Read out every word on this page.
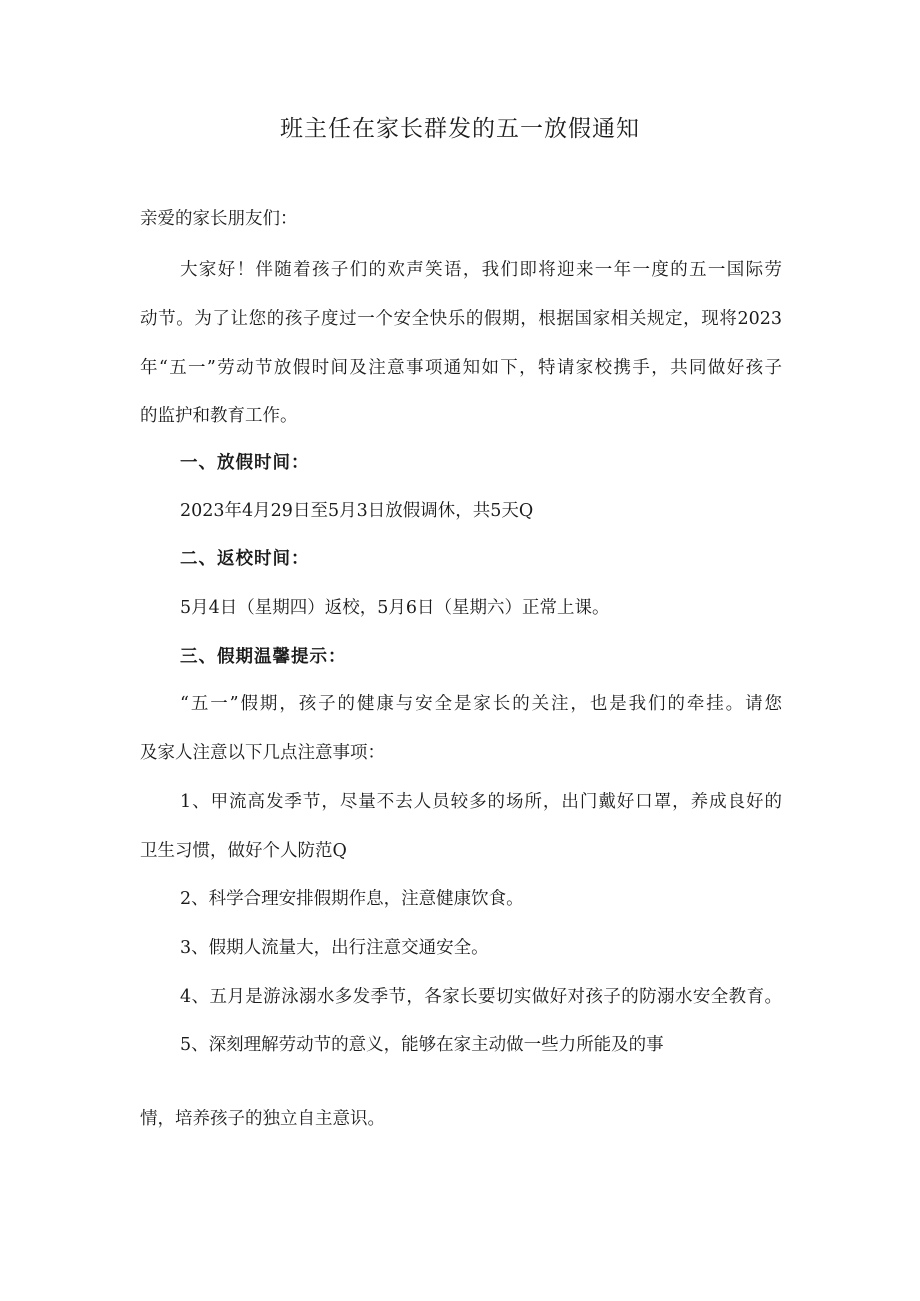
班主任在家长群发的五一放假通知
亲爱的家长朋友们：
大家好！伴随着孩子们的欢声笑语，我们即将迎来一年一度的五一国际劳
动节。为了让您的孩子度过一个安全快乐的假期，根据国家相关规定，现将2023
年“五一”劳动节放假时间及注意事项通知如下，特请家校携手，共同做好孩子
的监护和教育工作。
一、放假时间：
2023年4月29日至5月3日放假调休，共5天Q
二、返校时间：
5月4日（星期四）返校，5月6日（星期六）正常上课。
三、假期温馨提示：
“五一”假期，孩子的健康与安全是家长的关注，也是我们的牵挂。请您
及家人注意以下几点注意事项：
1、甲流高发季节，尽量不去人员较多的场所，出门戴好口罩，养成良好的
卫生习惯，做好个人防范Q
2、科学合理安排假期作息，注意健康饮食。
3、假期人流量大，出行注意交通安全。
4、五月是游泳溺水多发季节，各家长要切实做好对孩子的防溺水安全教育。
5、深刻理解劳动节的意义，能够在家主动做一些力所能及的事
情，培养孩子的独立自主意识。
